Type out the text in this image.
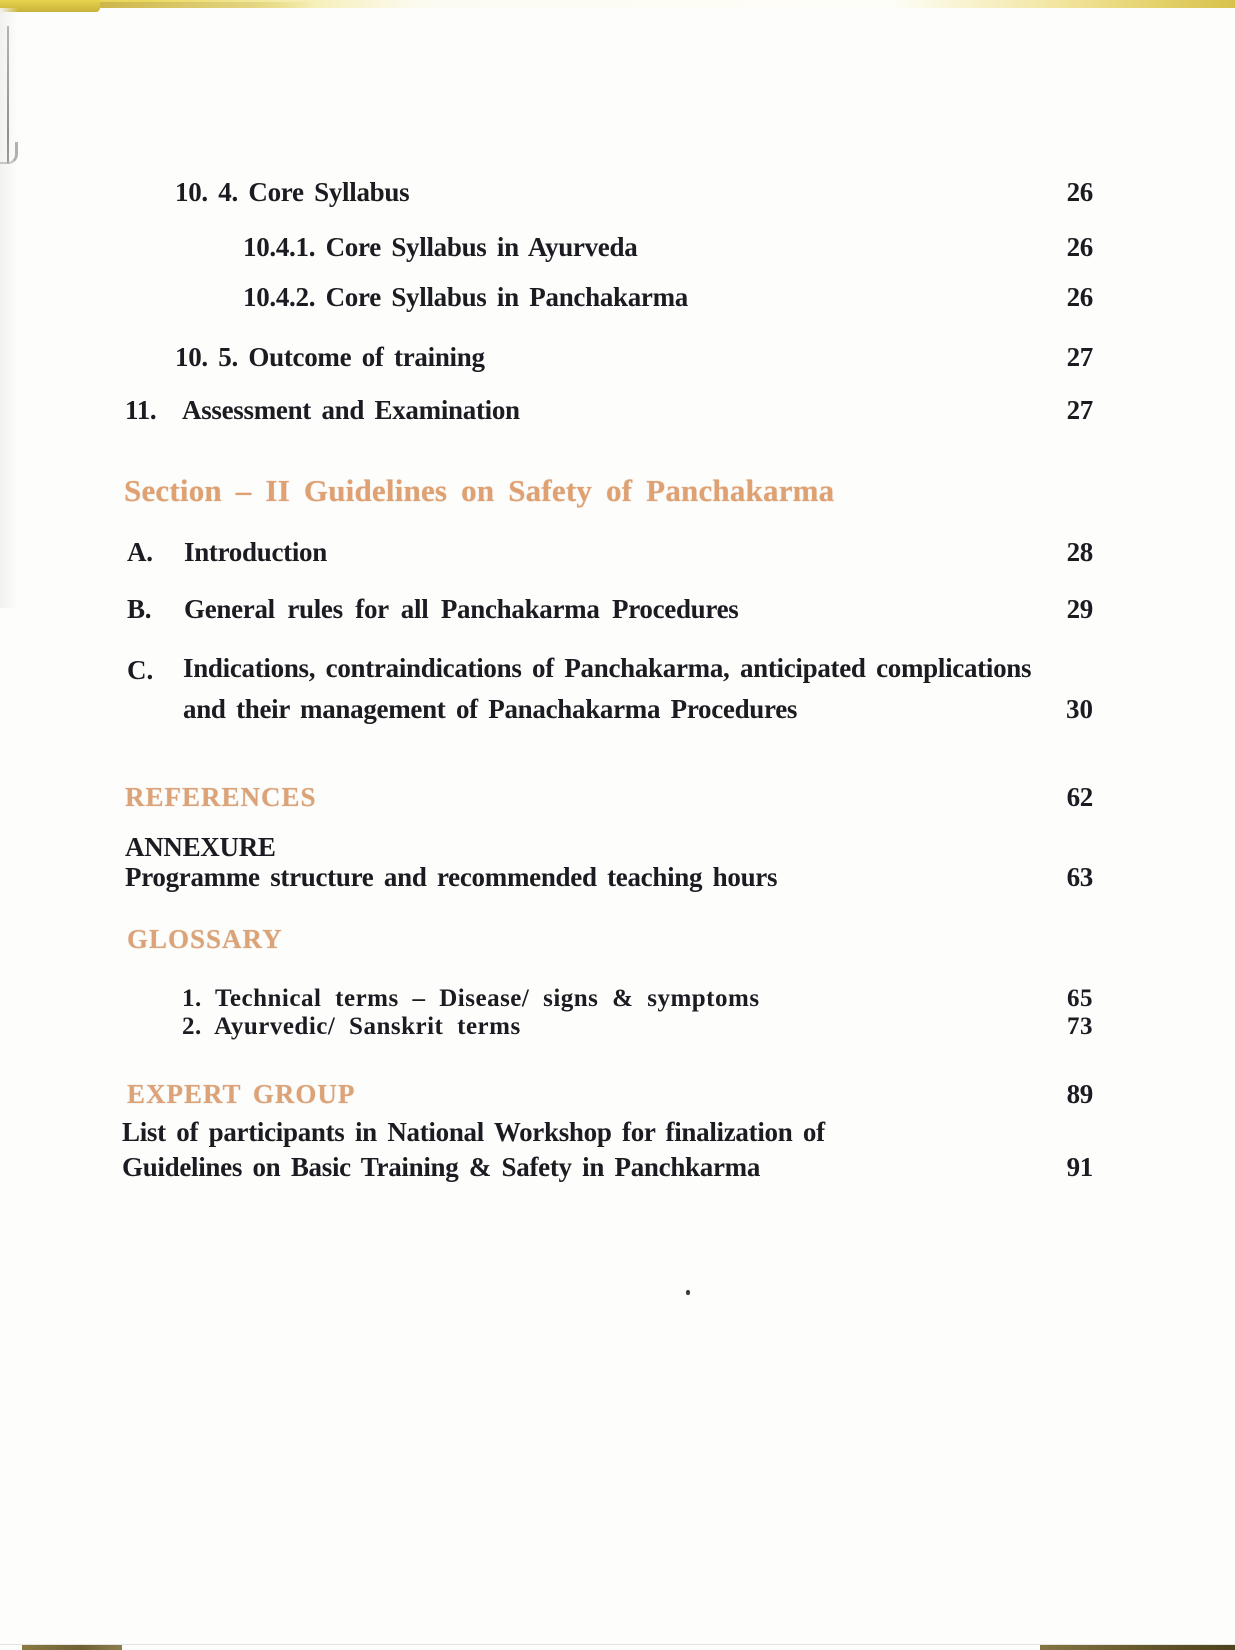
10. 4. Core Syllabus	26
10.4.1. Core Syllabus in Ayurveda	26
10.4.2. Core Syllabus in Panchakarma	26
10. 5. Outcome of training	27
11. Assessment and Examination	27
Section – II Guidelines on Safety of Panchakarma
A.	Introduction	28
B.	General rules for all Panchakarma Procedures	29
C. Indications, contraindications of Panchakarma, anticipated complications
and their management of Panachakarma Procedures	30
REFERENCES	62
ANNEXURE
Programme structure and recommended teaching hours	63
GLOSSARY
1. Technical terms – Disease/ signs & symptoms	65
2. Ayurvedic/ Sanskrit terms	73
EXPERT GROUP	89
List of participants in National Workshop for finalization of
Guidelines on Basic Training & Safety in Panchkarma	91
